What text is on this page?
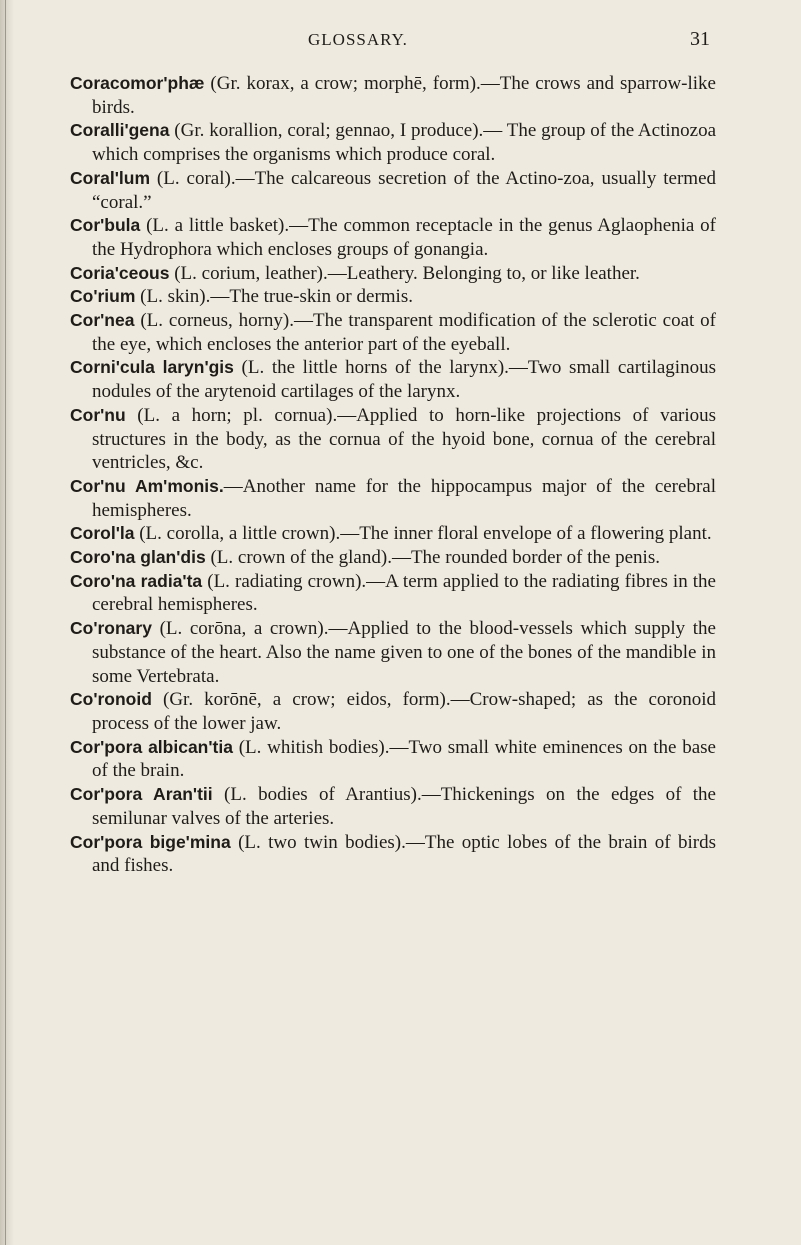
GLOSSARY.	31

Coracomor'phæ (Gr. korax, a crow; morphē, form).—The crows and sparrow-like birds.

Coralli'gena (Gr. korallion, coral; gennao, I produce).— The group of the Actinozoa which comprises the organisms which produce coral.

Coral'lum (L. coral).—The calcareous secretion of the Actino-zoa, usually termed “coral.”

Cor'bula (L. a little basket).—The common receptacle in the genus Aglaophenia of the Hydrophora which encloses groups of gonangia.

Coria'ceous (L. corium, leather).—Leathery. Belonging to, or like leather.

Co'rium (L. skin).—The true-skin or dermis.

Cor'nea (L. corneus, horny).—The transparent modification of the sclerotic coat of the eye, which encloses the anterior part of the eyeball.

Corni'cula laryn'gis (L. the little horns of the larynx).—Two small cartilaginous nodules of the arytenoid cartilages of the larynx.

Cor'nu (L. a horn; pl. cornua).—Applied to horn-like projections of various structures in the body, as the cornua of the hyoid bone, cornua of the cerebral ventricles, &c.

Cor'nu Am'monis.—Another name for the hippocampus major of the cerebral hemispheres.

Corol'la (L. corolla, a little crown).—The inner floral envelope of a flowering plant.

Coro'na glan'dis (L. crown of the gland).—The rounded border of the penis.

Coro'na radia'ta (L. radiating crown).—A term applied to the radiating fibres in the cerebral hemispheres.

Co'ronary (L. corōna, a crown).—Applied to the blood-vessels which supply the substance of the heart. Also the name given to one of the bones of the mandible in some Vertebrata.

Co'ronoid (Gr. korōnē, a crow; eidos, form).—Crow-shaped; as the coronoid process of the lower jaw.

Cor'pora albican'tia (L. whitish bodies).—Two small white eminences on the base of the brain.

Cor'pora Aran'tii (L. bodies of Arantius).—Thickenings on the edges of the semilunar valves of the arteries.

Cor'pora bige'mina (L. two twin bodies).—The optic lobes of the brain of birds and fishes.
